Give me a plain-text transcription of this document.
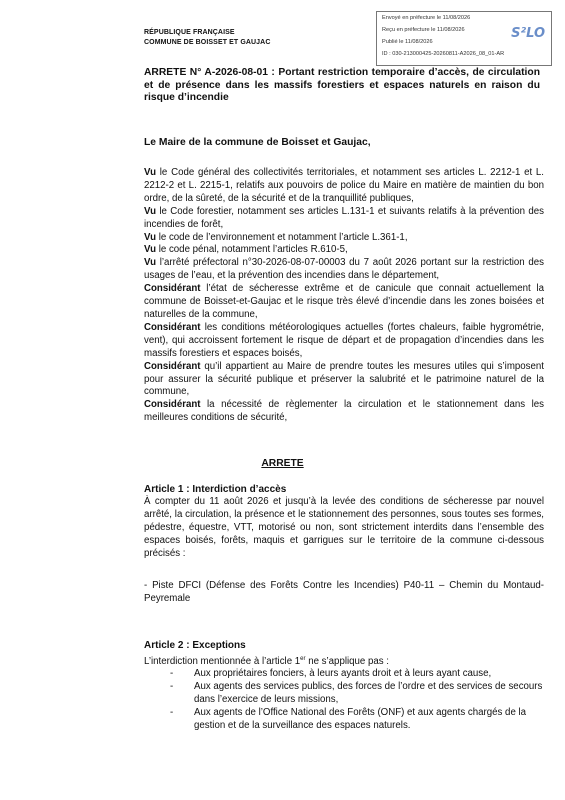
RÉPUBLIQUE FRANÇAISE
COMMUNE DE BOISSET ET GAUJAC
Envoyé en préfecture le 11/08/2026
Reçu en préfecture le 11/08/2026
Publié le 11/08/2026
ID : 030-213000425-20260811-A2026_08_01-AR
S²LO
ARRETE N° A-2026-08-01 : Portant restriction temporaire d’accès, de circulation et de présence dans les massifs forestiers et espaces naturels en raison du risque d’incendie
Le Maire de la commune de Boisset et Gaujac,

Vu le Code général des collectivités territoriales, et notamment ses articles L. 2212-1 et L. 2212-2 et L. 2215-1, relatifs aux pouvoirs de police du Maire en matière de maintien du bon ordre, de la sûreté, de la sécurité et de la tranquillité publiques,

Vu le Code forestier, notamment ses articles L.131-1 et suivants relatifs à la prévention des incendies de forêt,

Vu le code de l’environnement et notamment l’article L.361-1,

Vu le code pénal, notamment l’articles R.610-5,

Vu l’arrêté préfectoral n°30-2026-08-07-00003 du 7 août 2026 portant sur la restriction des usages de l’eau, et la prévention des incendies dans le département,

Considérant l’état de sécheresse extrême et de canicule que connait actuellement la commune de Boisset-et-Gaujac et le risque très élevé d’incendie dans les zones boisées et naturelles de la commune,

Considérant les conditions météorologiques actuelles (fortes chaleurs, faible hygrométrie, vent), qui accroissent fortement le risque de départ et de propagation d’incendies dans les massifs forestiers et espaces boisés,

Considérant qu’il appartient au Maire de prendre toutes les mesures utiles qui s’imposent pour assurer la sécurité publique et préserver la salubrité et le patrimoine naturel de la commune,

Considérant la nécessité de règlementer la circulation et le stationnement dans les meilleures conditions de sécurité,

ARRETE
Article 1 : Interdiction d’accès
À compter du 11 août 2026 et jusqu’à la levée des conditions de sécheresse par nouvel arrêté, la circulation, la présence et le stationnement des personnes, sous toutes ses formes, pédestre, équestre, VTT, motorisé ou non, sont strictement interdits dans l’ensemble des espaces boisés, forêts, maquis et garrigues sur le territoire de la commune ci-dessous précisés :
- Piste DFCI (Défense des Forêts Contre les Incendies) P40-11 – Chemin du Montaud-Peyremale
Article 2 : Exceptions
L’interdiction mentionnée à l’article 1er ne s’applique pas :

- Aux propriétaires fonciers, à leurs ayants droit et à leurs ayant cause,

- Aux agents des services publics, des forces de l’ordre et des services de secours dans l’exercice de leurs missions,

- Aux agents de l’Office National des Forêts (ONF) et aux agents chargés de la gestion et de la surveillance des espaces naturels.
